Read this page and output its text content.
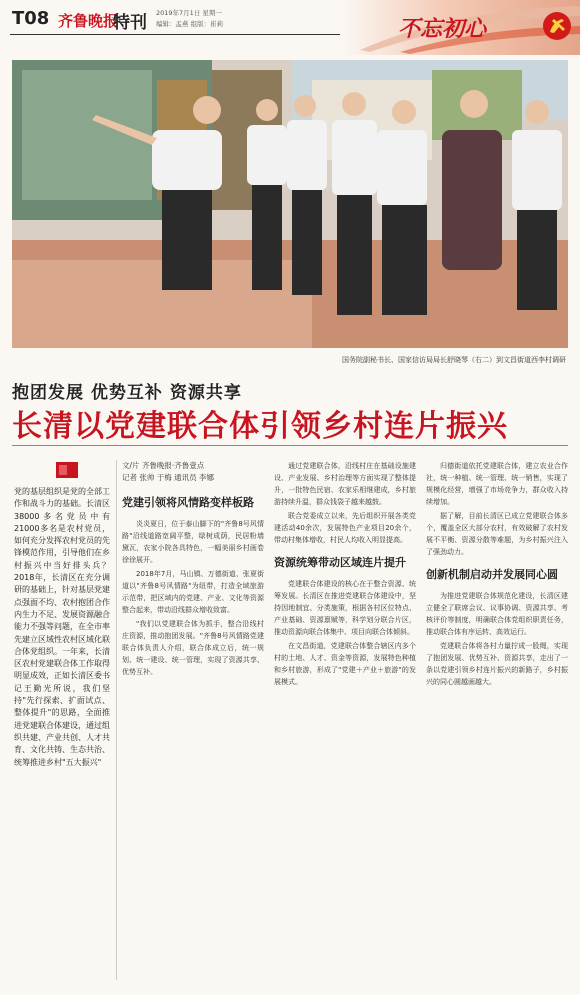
T08 齐鲁晚报
特刊 2019年7月1日 星期一
编辑：孟燕 组版：崔莉	不忘初心
国务院副秘书长、国家信访局局长舒晓琴（右二）到文昌街道西李村调研
抱团发展 优势互补 资源共享
长清以党建联合体引领乡村连片振兴
党的基层组织是党的全部工作和战斗力的基础。长清区38000多名党员中有21000多名是农村党员，如何充分发挥农村党员的先锋模范作用，引导他们在乡村振兴中当好排头兵？2018年，长清区在充分调研的基础上，针对基层党建点强面不均、农村抱团合作内生力不足、发展资源融合能力不强等问题，在全市率先建立区域性农村区域化联合体党组织。一年来，长清区农村党建联合体工作取得明显成效，正如长清区委书记王勤光所说，我们坚持"先行探索、扩面试点、整体提升"的思路，全面推进党建联合体建设，通过组织共建、产业共创、人才共育、文化共铸、生态共治、统筹推进乡村"五大振兴"
文/片 齐鲁晚报·齐鲁壹点
记者 张帅 于梅 通讯员 李娜
党建引领将风情路变样板路

炎炎夏日，位于泰山脚下的"齐鲁8号风情路"沿线道路宽阔平整，绿树成荫，民居粉墙黛瓦，农家小院各具特色，一幅美丽乡村画卷徐徐展开。

2018年7月，马山镇、万德街道、张夏街道以"齐鲁8号风情路"为纽带，打造全域旅游示范带，把区域内的党建、产业、文化等资源整合起来，带动沿线群众增收致富。

"我们以党建联合体为抓手，整合沿线村庄资源，推动抱团发展。"齐鲁8号风情路党建联合体负责人介绍，联合体成立后，统一规划、统一建设、统一管理，实现了资源共享、优势互补。

通过党建联合体，沿线村庄在基础设施建设、产业发展、乡村治理等方面实现了整体提升，一批特色民宿、农家乐相继建成，乡村旅游持续升温，群众钱袋子越来越鼓。

联合党委成立以来，先后组织开展各类党建活动40余次，发展特色产业项目20余个，带动村集体增收，村民人均收入明显提高。

资源统筹带动区域连片提升

党建联合体建设的核心在于整合资源、统筹发展。长清区在推进党建联合体建设中，坚持因地制宜、分类施策，根据各村区位特点、产业基础、资源禀赋等，科学划分联合片区，推动资源向联合体集中、项目向联合体倾斜。

在文昌街道，党建联合体整合辖区内多个村的土地、人才、资金等资源，发展特色种植和乡村旅游，形成了"党建＋产业＋旅游"的发展模式。

归德街道依托党建联合体，建立农业合作社，统一种植、统一管理、统一销售，实现了规模化经营，增强了市场竞争力，群众收入持续增加。

据了解，目前长清区已成立党建联合体多个，覆盖全区大部分农村，有效破解了农村发展不平衡、资源分散等难题，为乡村振兴注入了强劲动力。

创新机制启动并发展同心圆

为推进党建联合体规范化建设，长清区建立健全了联席会议、议事协调、资源共享、考核评价等制度，明确联合体党组织职责任务，推动联合体有序运转、高效运行。

党建联合体将各村力量拧成一股绳，实现了抱团发展、优势互补、资源共享，走出了一条以党建引领乡村连片振兴的新路子，乡村振兴的同心圆越画越大。
